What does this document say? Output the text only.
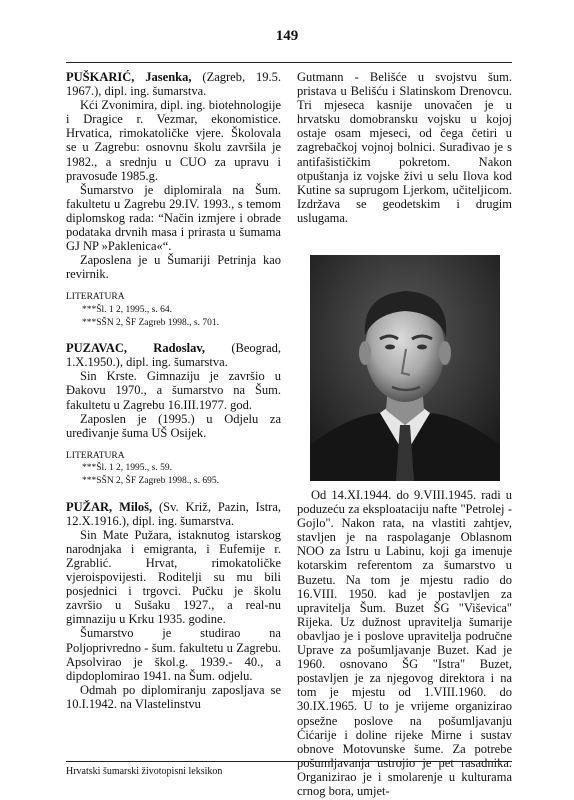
149

PUŠKARIĆ, Jasenka, (Zagreb, 19.5. 1967.), dipl. ing. šumarstva.

Kći Zvonimira, dipl. ing. biotehnologije i Dragice r. Vezmar, ekonomistice. Hrvatica, rimokatoličke vjere. Školovala se u Zagrebu: osnovnu školu završila je 1982., a srednju u CUO za upravu i pravosuđe 1985.g.

Šumarstvo je diplomirala na Šum. fakultetu u Zagrebu 29.IV. 1993., s temom diplomskog rada: “Način izmjere i obrade podataka drvnih masa i prirasta u šumama GJ NP »Paklenica«“.

Zaposlena je u Šumariji Petrinja kao revirnik.

LITERATURA
***Šl. 1 2, 1995., s. 64.
***SŠN 2, ŠF Zagreb 1998., s. 701.

PUZAVAC, Radoslav, (Beograd, 1.X.1950.), dipl. ing. šumarstva.

Sin Krste. Gimnaziju je završio u Đakovu 1970., a šumarstvo na Šum. fakultetu u Zagrebu 16.III.1977. god.

Zaposlen je (1995.) u Odjelu za uređivanje šuma UŠ Osijek.

LITERATURA
***Šl. 1 2, 1995., s. 59.
***SŠN 2, ŠF Zagreb 1998., s. 695.

PUŽAR, Miloš, (Sv. Križ, Pazin, Istra, 12.X.1916.), dipl. ing. šumarstva.

Sin Mate Pužara, istaknutog istarskog narodnjaka i emigranta, i Eufemije r. Zgrablić. Hrvat, rimokatoličke vjeroispovijesti. Roditelji su mu bili posjednici i trgovci. Pučku je školu završio u Sušaku 1927., a real-nu gimnaziju u Krku 1935. godine.

Šumarstvo je studirao na Poljoprivredno - šum. fakultetu u Zagrebu. Apsolvirao je škol.g. 1939.- 40., a dipdoplomirao 1941. na Šum. odjelu.

Odmah po diplomiranju zaposljava se 10.I.1942. na Vlastelinstvu

Gutmann - Belišće u svojstvu šum. pristava u Belišću i Slatinskom Drenovcu. Tri mjeseca kasnije unovačen je u hrvatsku domobransku vojsku u kojoj ostaje osam mjeseci, od čega četiri u zagrebačkoj vojnoj bolnici. Surađivao je s antifašističkim pokretom. Nakon otpuštanja iz vojske živi u selu Ilova kod Kutine sa suprugom Ljerkom, učiteljicom. Izdržava se geodetskim i drugim uslugama.

Od 14.XI.1944. do 9.VIII.1945. radi u poduzeću za eksploataciju nafte "Petrolej - Gojlo". Nakon rata, na vlastiti zahtjev, stavljen je na raspolaganje Oblasnom NOO za Istru u Labinu, koji ga imenuje kotarskim referentom za šumarstvo u Buzetu. Na tom je mjestu radio do 16.VIII. 1950. kad je postavljen za upravitelja Šum. Buzet ŠG "Viševica" Rijeka. Uz dužnost upravitelja šumarije obavljao je i poslove upravitelja područne Uprave za pošumljavanje Buzet. Kad je 1960. osnovano ŠG "Istra" Buzet, postavljen je za njegovog direktora i na tom je mjestu od 1.VIII.1960. do 30.IX.1965. U to je vrijeme organizirao opsežne poslove na pošumljavanju Ćićarije i doline rijeke Mirne i sustav obnove Motovunske šume. Za potrebe pošumljavanja ustrojio je pet rasadnika. Organizirao je i smolarenje u kulturama crnog bora, umjet-

Hrvatski šumarski životopisni leksikon
